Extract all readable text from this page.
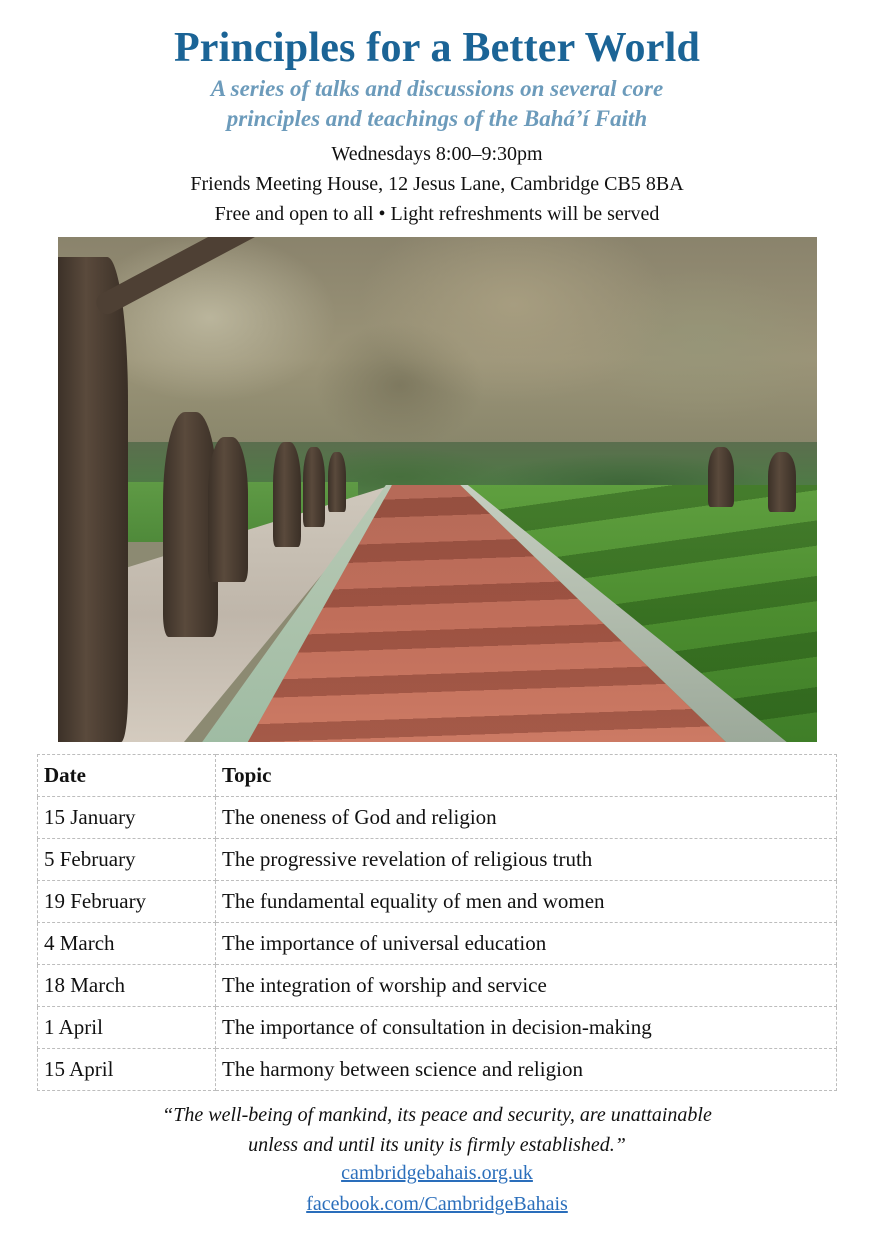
Principles for a Better World
A series of talks and discussions on several core
principles and teachings of the Bahá’í Faith
Wednesdays 8:00–9:30pm
Friends Meeting House, 12 Jesus Lane, Cambridge CB5 8BA
Free and open to all • Light refreshments will be served
Date	Topic
15 January	The oneness of God and religion
5 February	The progressive revelation of religious truth
19 February	The fundamental equality of men and women
4 March	The importance of universal education
18 March	The integration of worship and service
1 April	The importance of consultation in decision-making
15 April	The harmony between science and religion
“The well-being of mankind, its peace and security, are unattainable
unless and until its unity is firmly established.”
cambridgebahais.org.uk
facebook.com/CambridgeBahais
